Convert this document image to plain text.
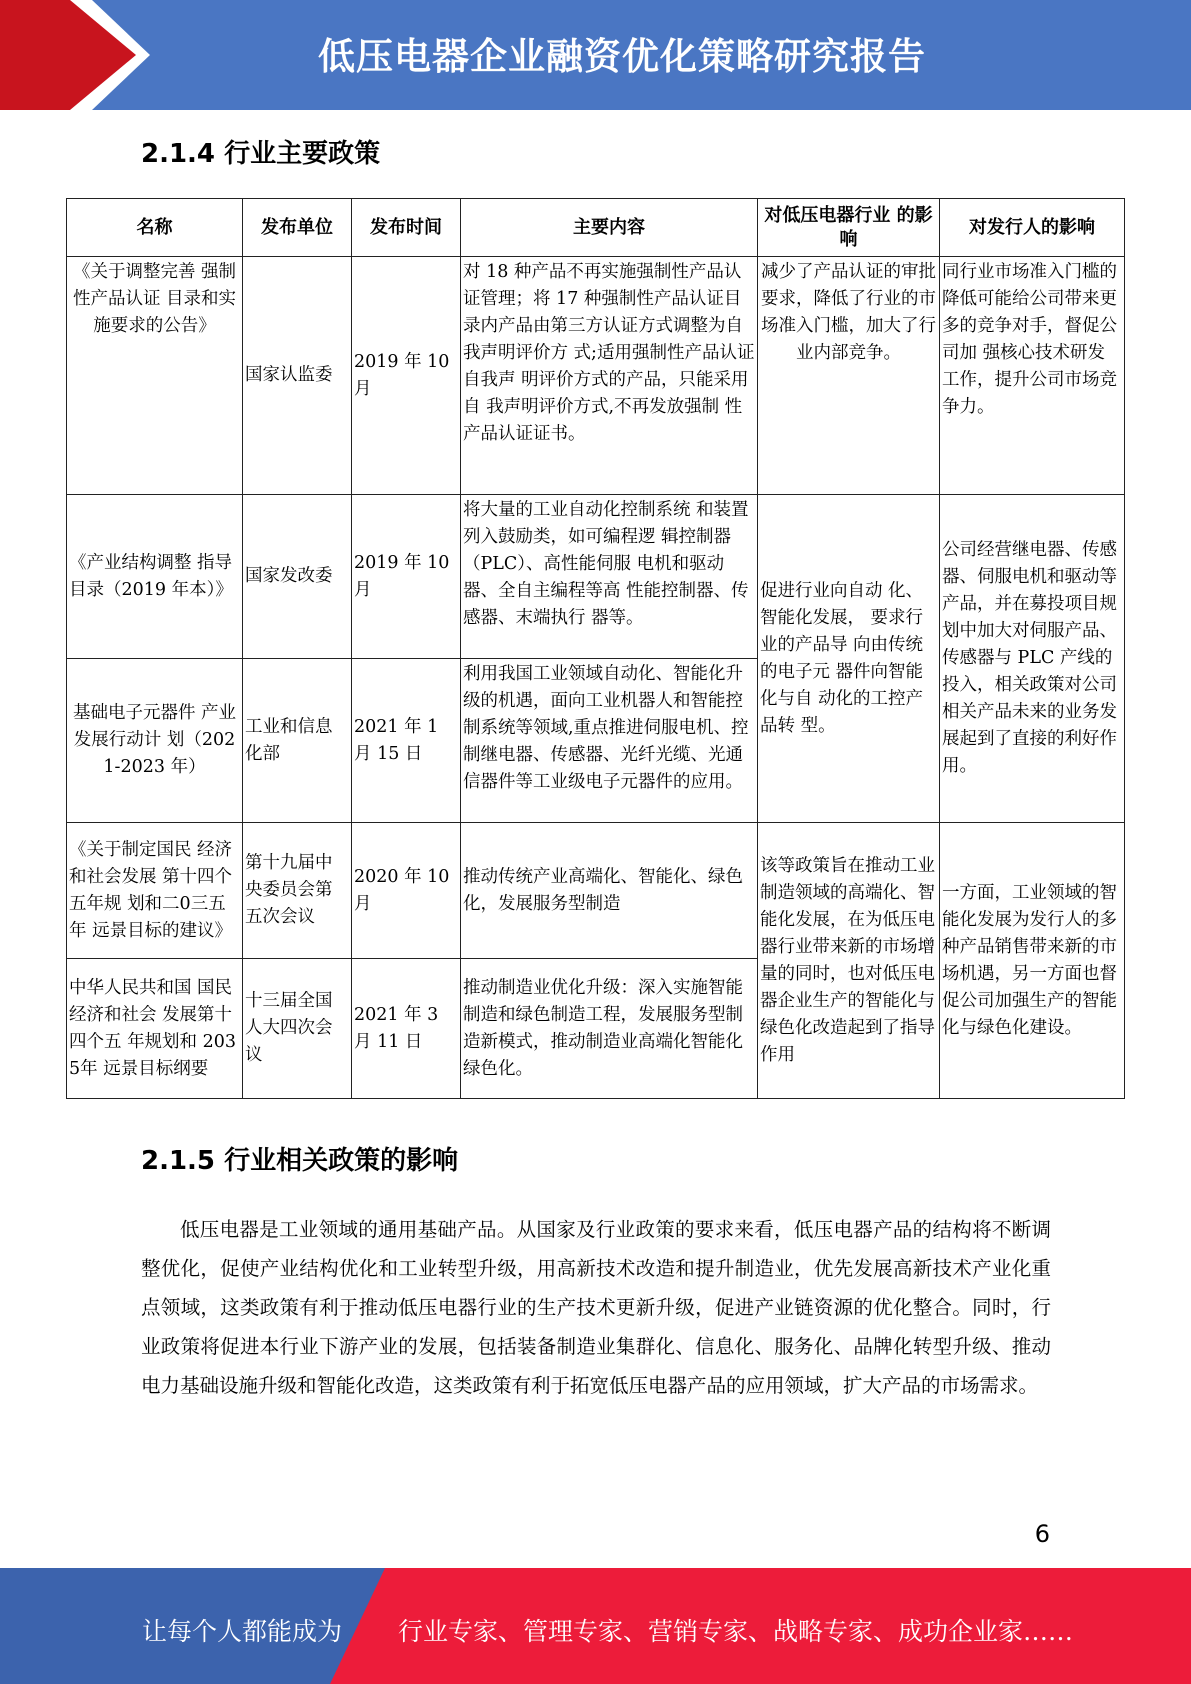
低压电器企业融资优化策略研究报告
2.1.4 行业主要政策
名称	发布单位	发布时间	主要内容	对低压电器行业 的影响	对发行人的影响
《关于调整完善 强制性产品认证 目录和实施要求的公告》	国家认监委	2019 年 10 月	对 18 种产品不再实施强制性产品认证管理；将 17 种强制性产品认证目录内产品由第三方认证方式调整为自我声明评价方 式;适用强制性产品认证自我声 明评价方式的产品，只能采用自 我声明评价方式,不再发放强制 性产品认证证书。	减少了产品认证的审批要求，降低了行业的市场准入门槛，加大了行业内部竞争。	同行业市场准入门槛的降低可能给公司带来更多的竞争对手，督促公司加 强核心技术研发工作，提升公司市场竞争力。
《产业结构调整 指导目录（2019 年本）》	国家发改委	2019 年 10 月	将大量的工业自动化控制系统 和装置列入鼓励类，如可编程逻 辑控制器（PLC）、高性能伺服 电机和驱动器、全自主编程等高 性能控制器、传感器、末端执行 器等。	促进行业向自动 化、智能化发展， 要求行业的产品导 向由传统的电子元 器件向智能化与自 动化的工控产品转 型。	公司经营继电器、传感器、伺服电机和驱动等产品，并在募投项目规划中加大对伺服产品、传感器与 PLC 产线的投入，相关政策对公司相关产品未来的业务发展起到了直接的利好作 用。
基础电子元器件 产业发展行动计 划（2021-2023 年）	工业和信息化部	2021 年 1 月 15 日	利用我国工业领域自动化、智能化升级的机遇，面向工业机器人和智能控制系统等领域,重点推进伺服电机、控制继电器、传感器、光纤光缆、光通信器件等工业级电子元器件的应用。		
《关于制定国民 经济和社会发展 第十四个五年规 划和二0三五年 远景目标的建议》	第十九届中央委员会第五次会议	2020 年 10 月	推动传统产业高端化、智能化、绿色化，发展服务型制造	该等政策旨在推动工业制造领域的高端化、智能化发展，在为低压电器行业带来新的市场增量的同时，也对低压电器企业生产的智能化与绿色化改造起到了指导作用	一方面，工业领域的智能化发展为发行人的多种产品销售带来新的市场机遇，另一方面也督促公司加强生产的智能化与绿色化建设。
中华人民共和国 国民经济和社会 发展第十四个五 年规划和 2035年 远景目标纲要	十三届全国人大四次会议	2021 年 3 月 11 日	推动制造业优化升级：深入实施智能制造和绿色制造工程，发展服务型制造新模式，推动制造业高端化智能化绿色化。		
2.1.5 行业相关政策的影响

低压电器是工业领域的通用基础产品。从国家及行业政策的要求来看，低压电器产品的结构将不断调整优化，促使产业结构优化和工业转型升级，用高新技术改造和提升制造业，优先发展高新技术产业化重点领域，这类政策有利于推动低压电器行业的生产技术更新升级，促进产业链资源的优化整合。同时，行业政策将促进本行业下游产业的发展，包括装备制造业集群化、信息化、服务化、品牌化转型升级、推动电力基础设施升级和智能化改造，这类政策有利于拓宽低压电器产品的应用领域，扩大产品的市场需求。

6
让每个人都能成为 行业专家、管理专家、营销专家、战略专家、成功企业家……
